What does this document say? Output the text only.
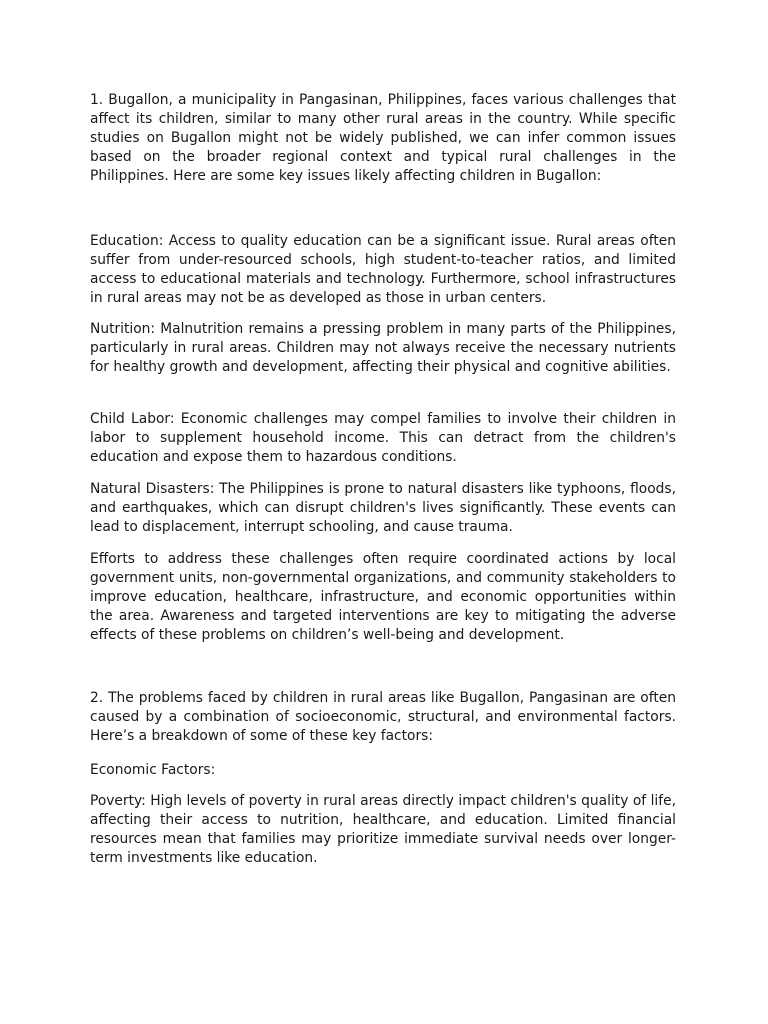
1. Bugallon, a municipality in Pangasinan, Philippines, faces various challenges that affect its children, similar to many other rural areas in the country. While specific studies on Bugallon might not be widely published, we can infer common issues based on the broader regional context and typical rural challenges in the Philippines. Here are some key issues likely affecting children in Bugallon:

Education: Access to quality education can be a significant issue. Rural areas often suffer from under-resourced schools, high student-to-teacher ratios, and limited access to educational materials and technology. Furthermore, school infrastructures in rural areas may not be as developed as those in urban centers.

Nutrition: Malnutrition remains a pressing problem in many parts of the Philippines, particularly in rural areas. Children may not always receive the necessary nutrients for healthy growth and development, affecting their physical and cognitive abilities.

Child Labor: Economic challenges may compel families to involve their children in labor to supplement household income. This can detract from the children's education and expose them to hazardous conditions.

Natural Disasters: The Philippines is prone to natural disasters like typhoons, floods, and earthquakes, which can disrupt children's lives significantly. These events can lead to displacement, interrupt schooling, and cause trauma.

Efforts to address these challenges often require coordinated actions by local government units, non-governmental organizations, and community stakeholders to improve education, healthcare, infrastructure, and economic opportunities within the area. Awareness and targeted interventions are key to mitigating the adverse effects of these problems on children’s well-being and development.

2. The problems faced by children in rural areas like Bugallon, Pangasinan are often caused by a combination of socioeconomic, structural, and environmental factors. Here’s a breakdown of some of these key factors:

Economic Factors:

Poverty: High levels of poverty in rural areas directly impact children's quality of life, affecting their access to nutrition, healthcare, and education. Limited financial resources mean that families may prioritize immediate survival needs over longer-term investments like education.
